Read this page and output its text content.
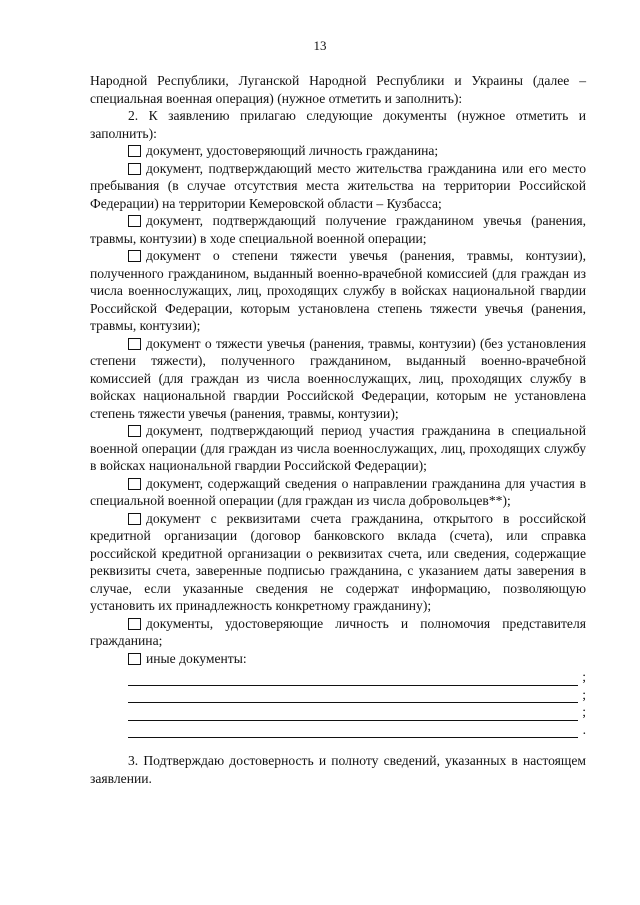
13

Народной Республики, Луганской Народной Республики и Украины (далее – специальная военная операция) (нужное отметить и заполнить):

2. К заявлению прилагаю следующие документы (нужное отметить и заполнить):

документ, удостоверяющий личность гражданина;

документ, подтверждающий место жительства гражданина или его место пребывания (в случае отсутствия места жительства на территории Российской Федерации) на территории Кемеровской области – Кузбасса;

документ, подтверждающий получение гражданином увечья (ранения, травмы, контузии) в ходе специальной военной операции;

документ о степени тяжести увечья (ранения, травмы, контузии), полученного гражданином, выданный военно-врачебной комиссией (для граждан из числа военнослужащих, лиц, проходящих службу в войсках национальной гвардии Российской Федерации, которым установлена степень тяжести увечья (ранения, травмы, контузии);

документ о тяжести увечья (ранения, травмы, контузии) (без установления степени тяжести), полученного гражданином, выданный военно-врачебной комиссией (для граждан из числа военнослужащих, лиц, проходящих службу в войсках национальной гвардии Российской Федерации, которым не установлена степень тяжести увечья (ранения, травмы, контузии);

документ, подтверждающий период участия гражданина в специальной военной операции (для граждан из числа военнослужащих, лиц, проходящих службу в войсках национальной гвардии Российской Федерации);

документ, содержащий сведения о направлении гражданина для участия в специальной военной операции (для граждан из числа добровольцев**);

документ с реквизитами счета гражданина, открытого в российской кредитной организации (договор банковского вклада (счета), или справка российской кредитной организации о реквизитах счета, или сведения, содержащие реквизиты счета, заверенные подписью гражданина, с указанием даты заверения в случае, если указанные сведения не содержат информацию, позволяющую установить их принадлежность конкретному гражданину);

документы, удостоверяющие личность и полномочия представителя гражданина;

иные документы:

;
;
;
.

3. Подтверждаю достоверность и полноту сведений, указанных в настоящем заявлении.
